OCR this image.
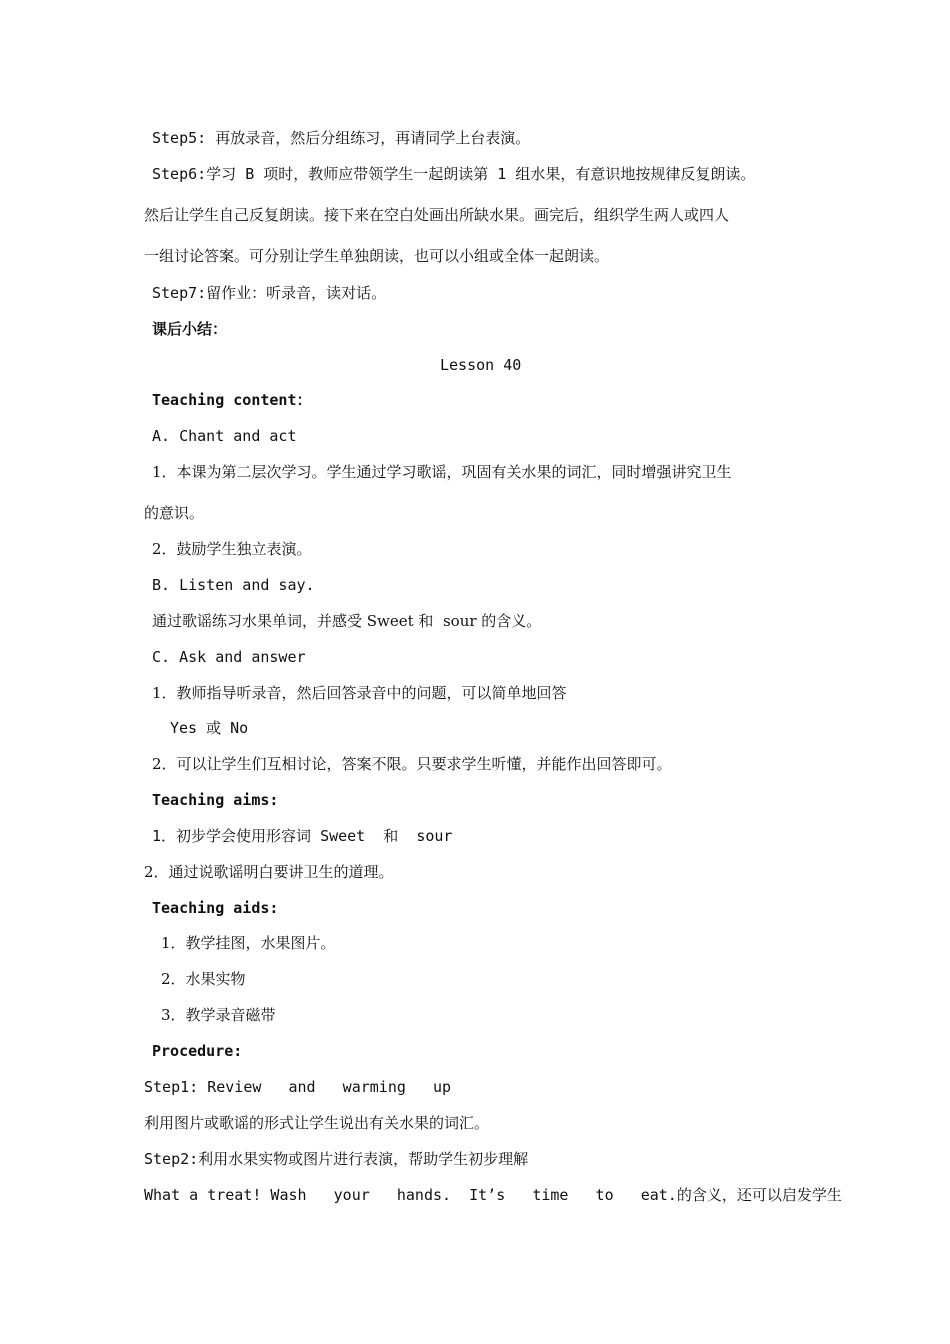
Step5: 再放录音，然后分组练习，再请同学上台表演。
Step6:学习 B 项时，教师应带领学生一起朗读第 1 组水果，有意识地按规律反复朗读。
然后让学生自己反复朗读。接下来在空白处画出所缺水果。画完后，组织学生两人或四人
一组讨论答案。可分别让学生单独朗读，也可以小组或全体一起朗读。
Step7:留作业：听录音，读对话。
课后小结：
Lesson 40
Teaching content：
A. Chant and act
1．本课为第二层次学习。学生通过学习歌谣，巩固有关水果的词汇，同时增强讲究卫生
的意识。
2．鼓励学生独立表演。
B. Listen and say.
通过歌谣练习水果单词，并感受 Sweet 和  sour 的含义。
C. Ask and answer
1．教师指导听录音，然后回答录音中的问题，可以简单地回答
Yes 或 No
2．可以让学生们互相讨论，答案不限。只要求学生听懂，并能作出回答即可。
Teaching aims:
1．初步学会使用形容词 Sweet  和  sour
2．通过说歌谣明白要讲卫生的道理。
Teaching aids:
1．教学挂图，水果图片。
2．水果实物
3．教学录音磁带
Procedure:
Step1: Review   and   warming   up
利用图片或歌谣的形式让学生说出有关水果的词汇。
Step2:利用水果实物或图片进行表演，帮助学生初步理解
What a treat! Wash   your   hands.  It’s   time   to   eat.的含义，还可以启发学生
